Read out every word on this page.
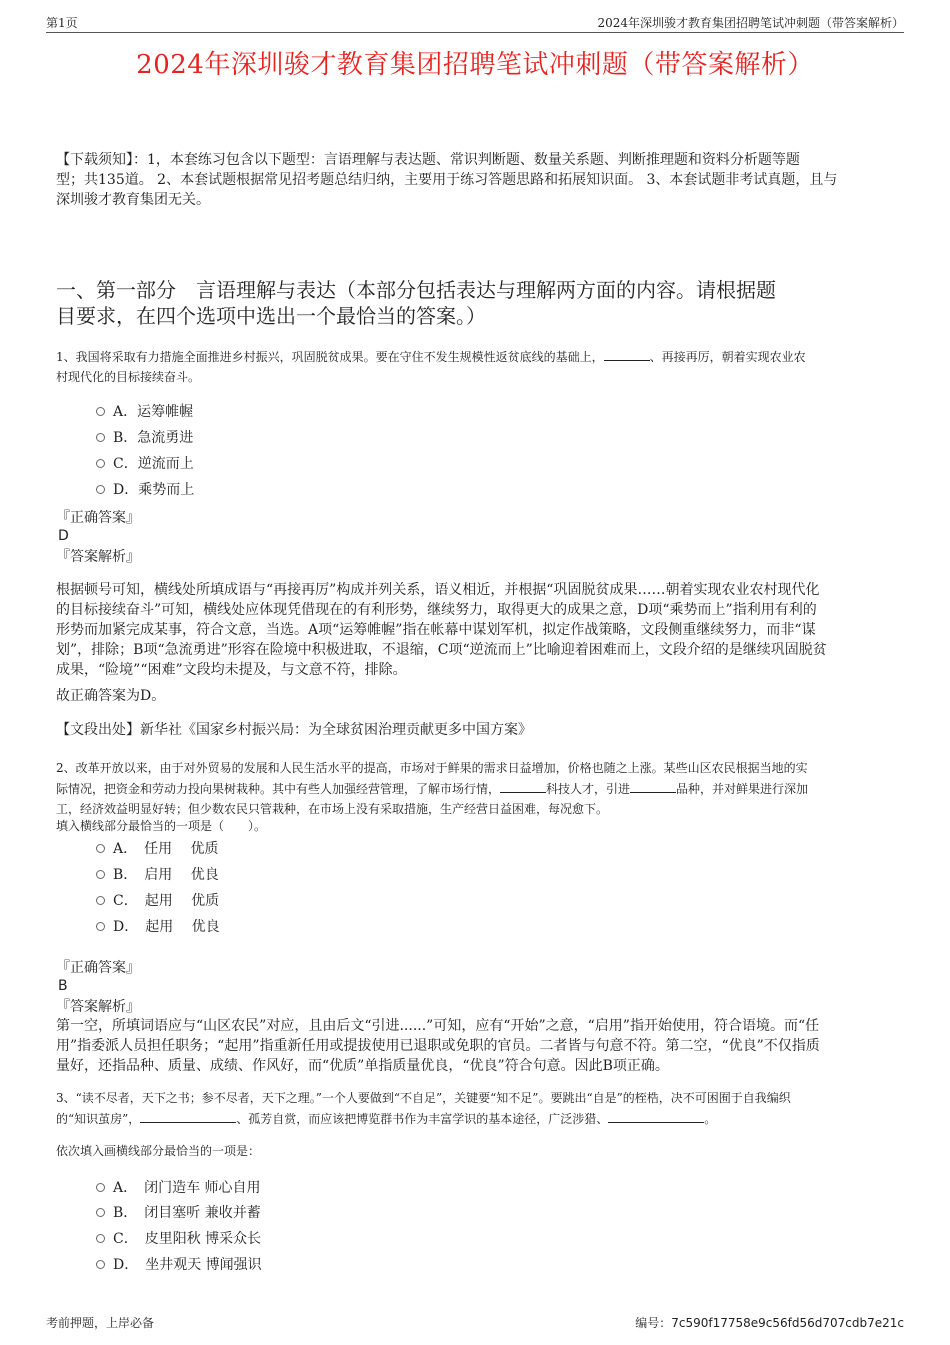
第1页	2024年深圳骏才教育集团招聘笔试冲刺题（带答案解析）
2024年深圳骏才教育集团招聘笔试冲刺题（带答案解析）
【下载须知】：1，本套练习包含以下题型：言语理解与表达题、常识判断题、数量关系题、判断推理题和资料分析题等题
型；共135道。 2、本套试题根据常见招考题总结归纳，主要用于练习答题思路和拓展知识面。 3、本套试题非考试真题，且与
深圳骏才教育集团无关。
一、第一部分　言语理解与表达（本部分包括表达与理解两方面的内容。请根据题
目要求，在四个选项中选出一个最恰当的答案。）
1、我国将采取有力措施全面推进乡村振兴，巩固脱贫成果。要在守住不发生规模性返贫底线的基础上，	、再接再厉，朝着实现农业农
村现代化的目标接续奋斗。
A．运筹帷幄
B．急流勇进
C．逆流而上
D．乘势而上
『正确答案』
D
『答案解析』
根据顿号可知，横线处所填成语与“再接再厉”构成并列关系，语义相近，并根据“巩固脱贫成果……朝着实现农业农村现代化
的目标接续奋斗”可知，横线处应体现凭借现在的有利形势，继续努力，取得更大的成果之意，D项“乘势而上”指利用有利的
形势而加紧完成某事，符合文意，当选。A项“运筹帷幄”指在帐幕中谋划军机，拟定作战策略，文段侧重继续努力，而非“谋
划”，排除；B项“急流勇进”形容在险境中积极进取，不退缩，C项“逆流而上”比喻迎着困难而上，文段介绍的是继续巩固脱贫
成果，“险境”“困难”文段均未提及，与文意不符，排除。
故正确答案为D。
【文段出处】新华社《国家乡村振兴局：为全球贫困治理贡献更多中国方案》
2、改革开放以来，由于对外贸易的发展和人民生活水平的提高，市场对于鲜果的需求日益增加，价格也随之上涨。某些山区农民根据当地的实
际情况，把资金和劳动力投向果树栽种。其中有些人加强经营管理，了解市场行情，	科技人才，引进	品种，并对鲜果进行深加
工，经济效益明显好转；但少数农民只管栽种，在市场上没有采取措施，生产经营日益困难，每况愈下。
填入横线部分最恰当的一项是（　　）。
A．　任用　 优质
B．　启用　 优良
C．　起用　 优质
D．　起用　 优良
『正确答案』
B
『答案解析』
第一空，所填词语应与“山区农民”对应，且由后文“引进......”可知，应有“开始”之意，“启用”指开始使用，符合语境。而“任
用”指委派人员担任职务；“起用”指重新任用或提拔使用已退职或免职的官员。二者皆与句意不符。第二空，“优良”不仅指质
量好，还指品种、质量、成绩、作风好，而“优质”单指质量优良，“优良”符合句意。因此B项正确。
3、“读不尽者，天下之书；参不尽者，天下之理。”一个人要做到“不自足”，关键要“知不足”。要跳出“自是”的桎梏，决不可困囿于自我编织
的“知识茧房”，	、孤芳自赏，而应该把博览群书作为丰富学识的基本途径，广泛涉猎、	。
依次填入画横线部分最恰当的一项是：
A．　闭门造车 师心自用
B．　闭目塞听 兼收并蓄
C．　皮里阳秋 博采众长
D．　坐井观天 博闻强识
考前押题，上岸必备	编号：7c590f17758e9c56fd56d707cdb7e21c
